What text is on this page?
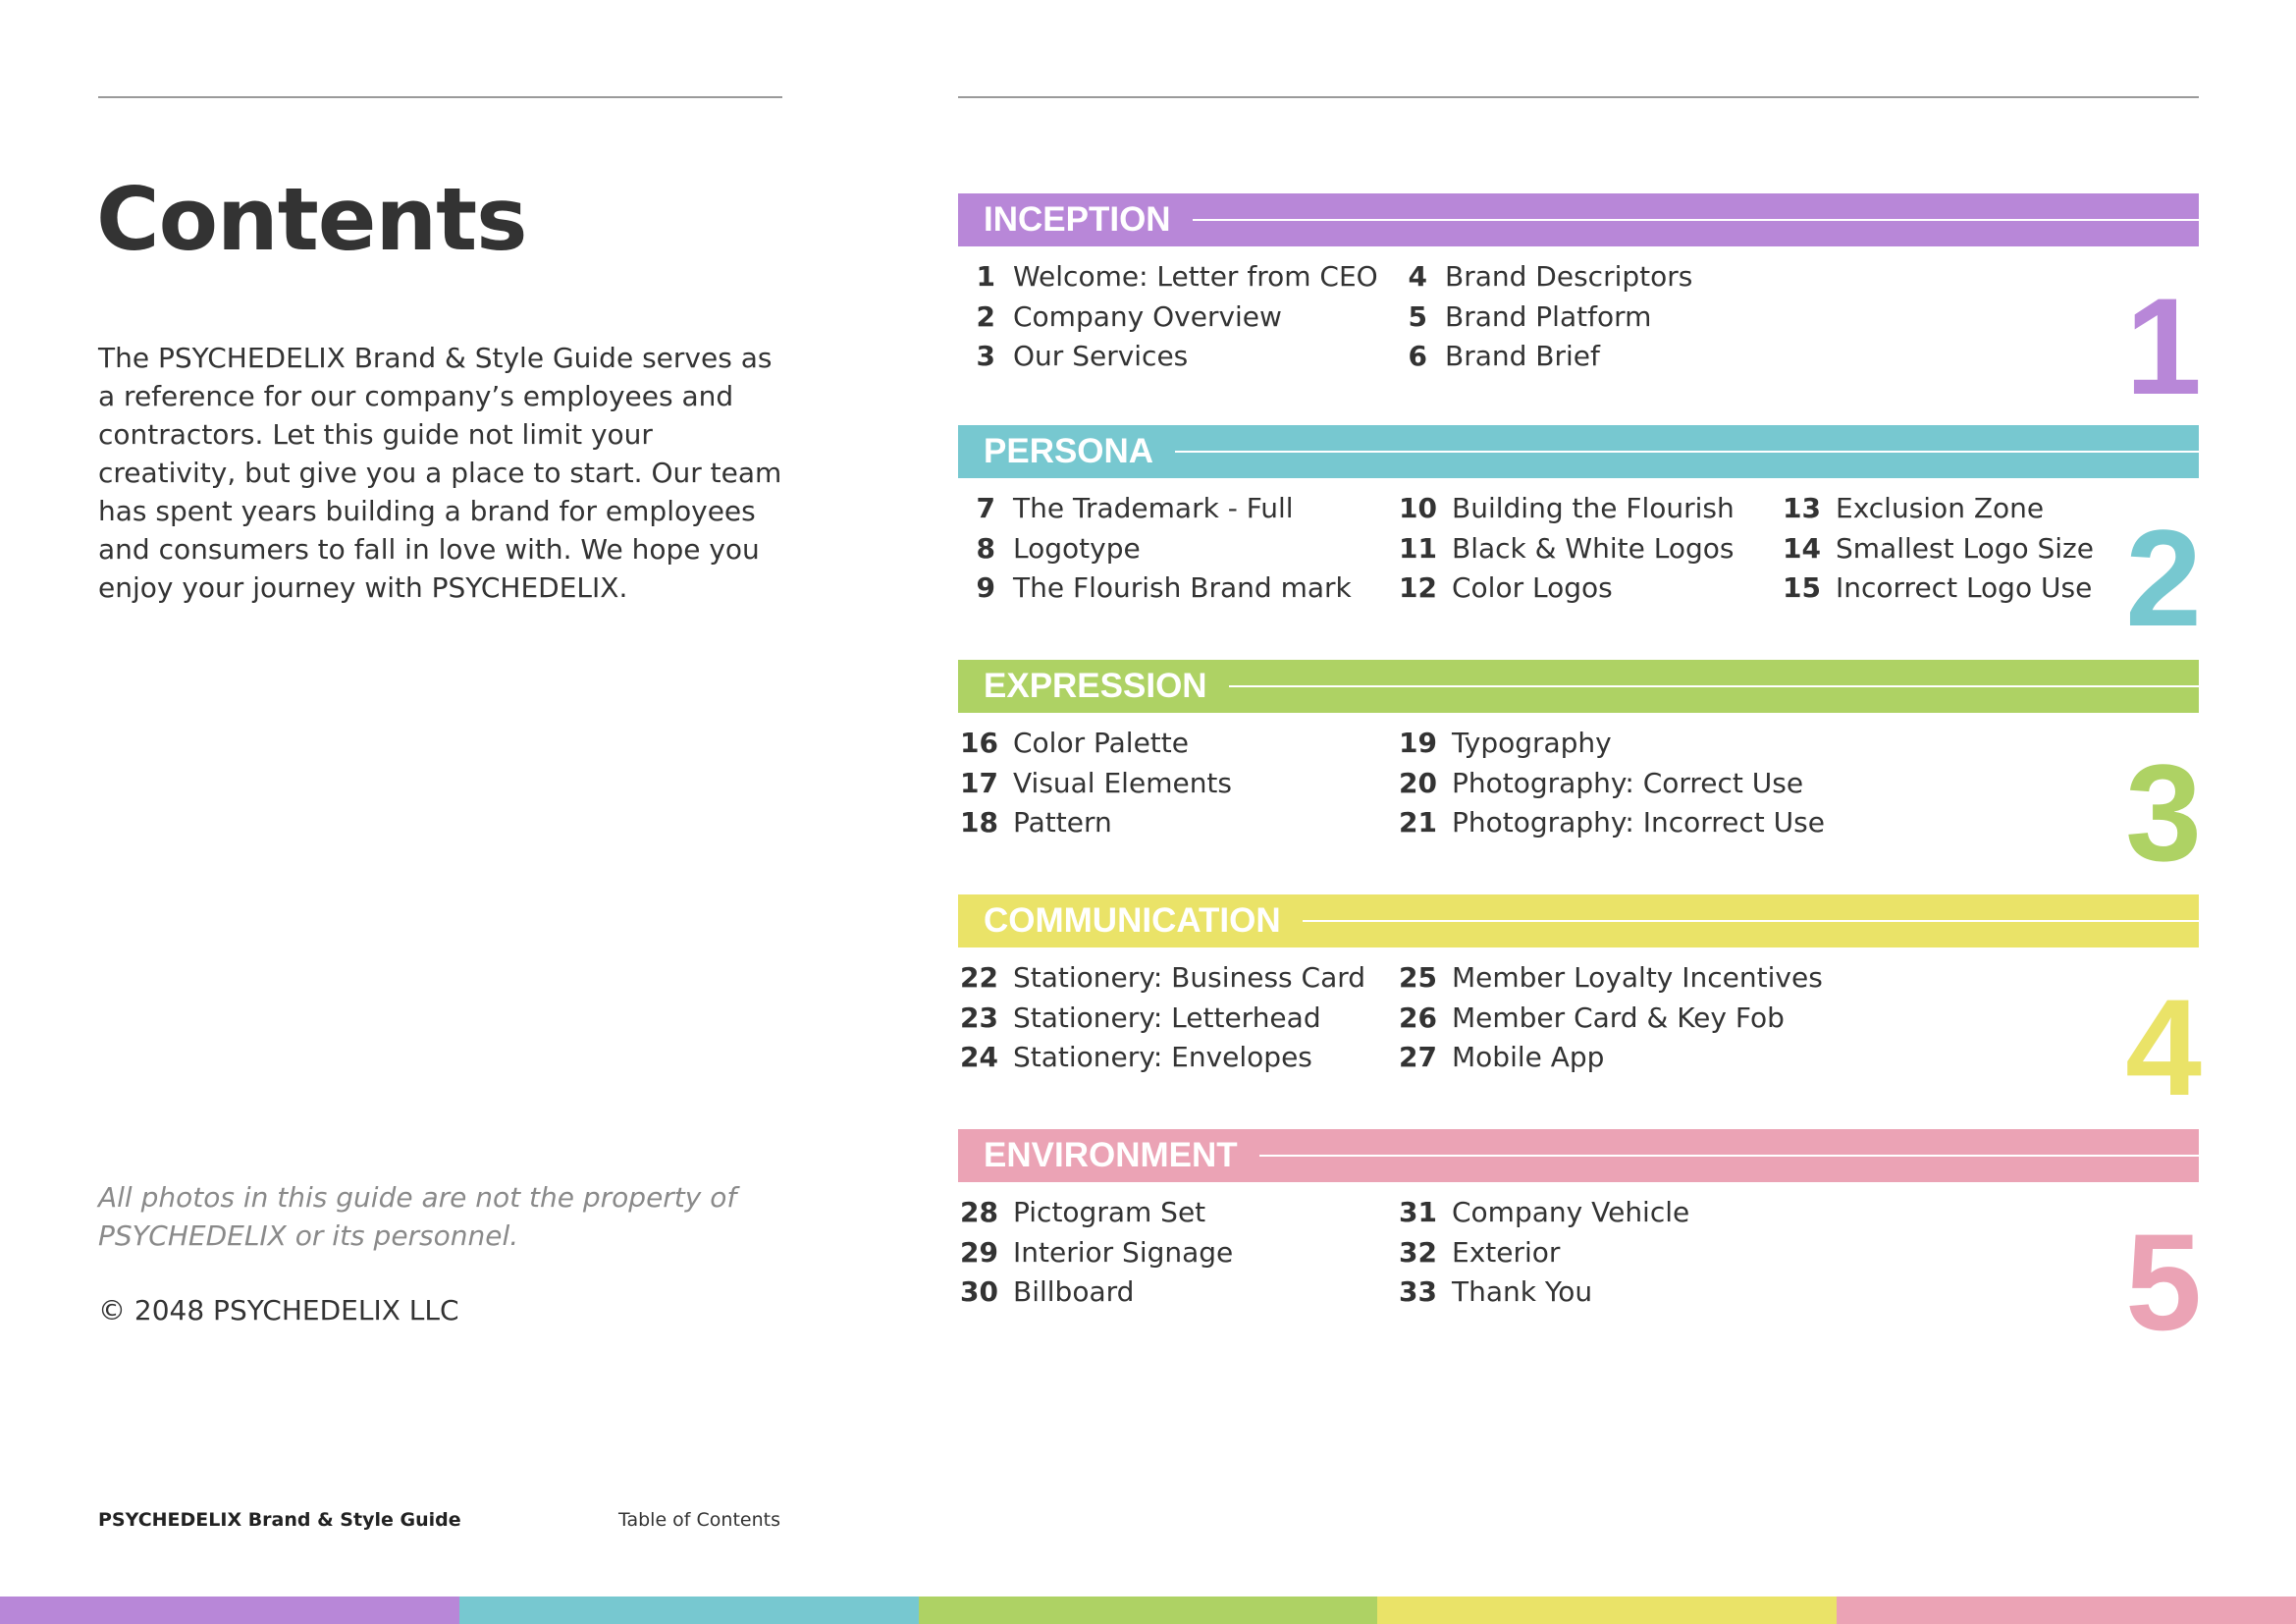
Contents

The PSYCHEDELIX Brand & Style Guide serves as a reference for our company’s employees and contractors. Let this guide not limit your creativity, but give you a place to start. Our team has spent years building a brand for employees and consumers to fall in love with. We hope you enjoy your journey with PSYCHEDELIX.

All photos in this guide are not the property of PSYCHEDELIX or its personnel.

© 2048 PSYCHEDELIX LLC

PSYCHEDELIX Brand & Style Guide	Table of Contents
INCEPTION
1 Welcome: Letter from CEO
2 Company Overview
3 Our Services
4 Brand Descriptors
5 Brand Platform
6 Brand Brief	1
PERSONA
7 The Trademark - Full
8 Logotype
9 The Flourish Brand mark
10 Building the Flourish
11 Black & White Logos
12 Color Logos
13 Exclusion Zone
14 Smallest Logo Size
15 Incorrect Logo Use 2
EXPRESSION
16 Color Palette
17 Visual Elements
18 Pattern
19 Typography
20 Photography: Correct Use
21 Photography: Incorrect Use 3
COMMUNICATION
22 Stationery: Business Card
23 Stationery: Letterhead
24 Stationery: Envelopes
25 Member Loyalty Incentives
26 Member Card & Key Fob
27 Mobile App	4
ENVIRONMENT
28 Pictogram Set
29 Interior Signage
30 Billboard
31 Company Vehicle
32 Exterior
33 Thank You	5
